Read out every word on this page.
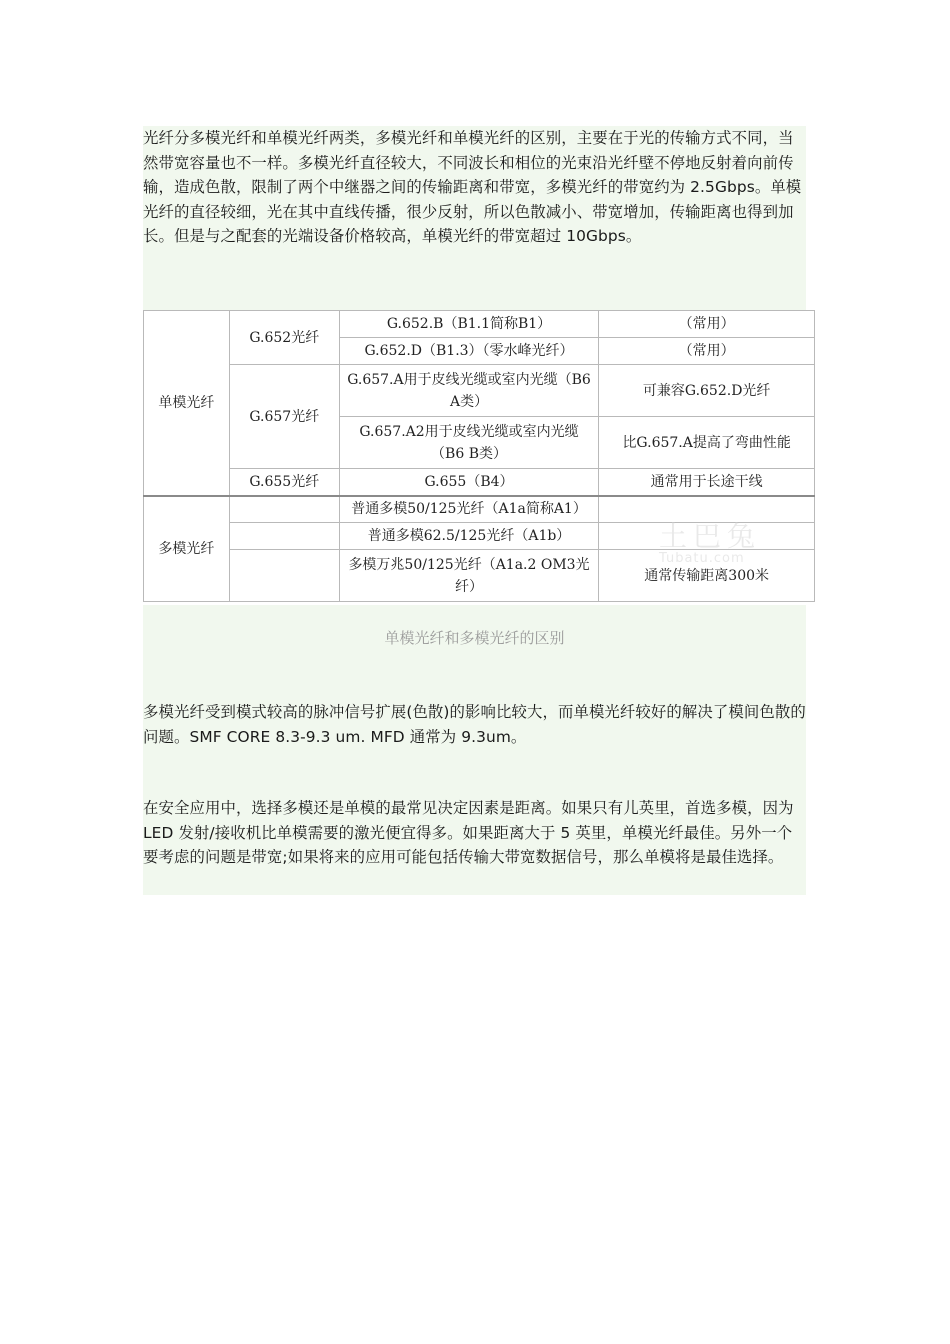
光纤分多模光纤和单模光纤两类，多模光纤和单模光纤的区别，主要在于光的传输方式不同，当然带宽容量也不一样。多模光纤直径较大，不同波长和相位的光束沿光纤壁不停地反射着向前传输，造成色散，限制了两个中继器之间的传输距离和带宽，多模光纤的带宽约为 2.5Gbps。单模光纤的直径较细，光在其中直线传播，很少反射，所以色散减小、带宽增加，传输距离也得到加长。但是与之配套的光端设备价格较高，单模光纤的带宽超过 10Gbps。

单模光纤	G.652光纤	G.652.B（B1.1简称B1）	（常用）
		G.652.D（B1.3）（零水峰光纤）	（常用）
	G.657光纤	G.657.A用于皮线光缆或室内光缆（B6 A类）	可兼容G.652.D光纤
		G.657.A2用于皮线光缆或室内光缆（B6 B类）	比G.657.A提高了弯曲性能
	G.655光纤	G.655（B4）	通常用于长途干线
多模光纤		普通多模50/125光纤（A1a简称A1）	
		普通多模62.5/125光纤（A1b）	
		多模万兆50/125光纤（A1a.2 OM3光纤）	通常传输距离300米
土巴兔
Tubatu.com

单模光纤和多模光纤的区别

多模光纤受到模式较高的脉冲信号扩展(色散)的影响比较大，而单模光纤较好的解决了模间色散的问题。SMF CORE 8.3-9.3 um. MFD 通常为 9.3um。

在安全应用中，选择多模还是单模的最常见决定因素是距离。如果只有儿英里，首选多模，因为 LED 发射/接收机比单模需要的激光便宜得多。如果距离大于 5 英里，单模光纤最佳。另外一个要考虑的问题是带宽;如果将来的应用可能包括传输大带宽数据信号，那么单模将是最佳选择。
